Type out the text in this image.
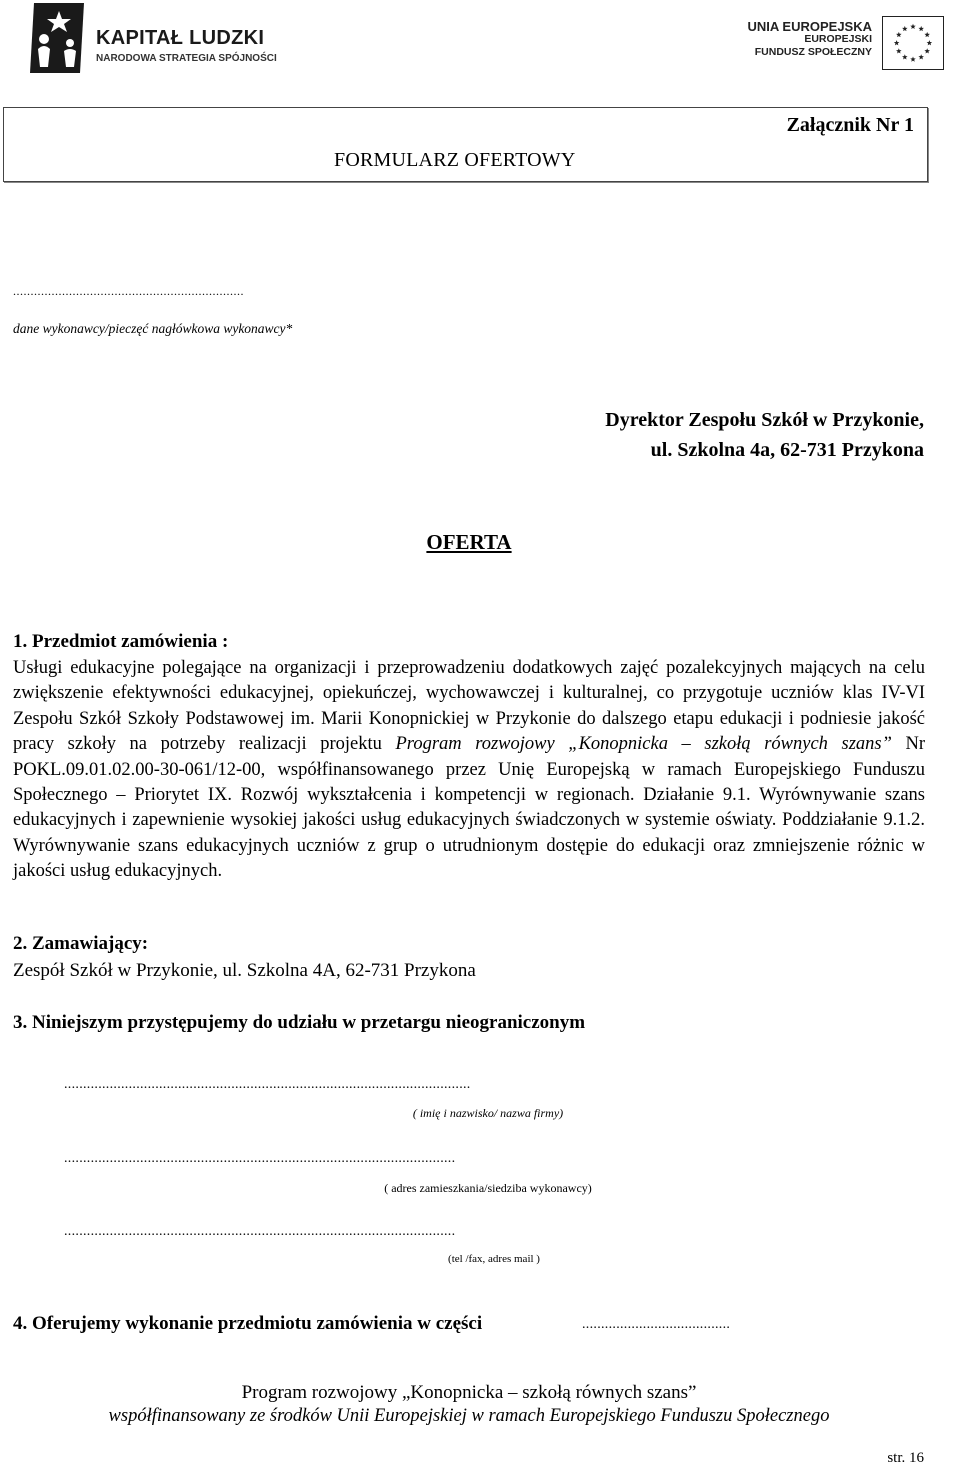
KAPITAŁ LUDZKI
NARODOWA STRATEGIA SPÓJNOŚCI
UNIA EUROPEJSKA
EUROPEJSKI
FUNDUSZ SPOŁECZNY
Załącznik Nr 1
FORMULARZ OFERTOWY
..................................................................
dane wykonawcy/pieczęć nagłówkowa wykonawcy*
Dyrektor Zespołu Szkół w Przykonie,
ul. Szkolna 4a, 62-731 Przykona
OFERTA
1. Przedmiot zamówienia :
Usługi edukacyjne polegające na organizacji i przeprowadzeniu dodatkowych zajęć pozalekcyjnych mających na celu zwiększenie efektywności edukacyjnej, opiekuńczej, wychowawczej i kulturalnej, co przygotuje uczniów klas IV-VI Zespołu Szkół Szkoły Podstawowej im. Marii Konopnickiej w Przykonie do dalszego etapu edukacji i podniesie jakość pracy szkoły na potrzeby realizacji projektu Program rozwojowy „Konopnicka – szkołą równych szans” Nr POKL.09.01.02.00-30-061/12-00, współfinansowanego przez Unię Europejską w ramach Europejskiego Funduszu Społecznego – Priorytet IX. Rozwój wykształcenia i kompetencji w regionach. Działanie 9.1. Wyrównywanie szans edukacyjnych i zapewnienie wysokiej jakości usług edukacyjnych świadczonych w systemie oświaty. Poddziałanie 9.1.2. Wyrównywanie szans edukacyjnych uczniów z grup o utrudnionym dostępie do edukacji oraz zmniejszenie różnic w jakości usług edukacyjnych.
2. Zamawiający:
Zespół Szkół w Przykonie, ul. Szkolna 4A, 62-731 Przykona
3. Niniejszym przystępujemy do udziału w przetargu nieograniczonym
...........................................................................................................
( imię i nazwisko/ nazwa firmy)
.......................................................................................................
( adres zamieszkania/siedziba wykonawcy)
.......................................................................................................
(tel /fax, adres mail )
4. Oferujemy wykonanie przedmiotu zamówienia w części	.......................................
Program rozwojowy „Konopnicka – szkołą równych szans”
współfinansowany ze środków Unii Europejskiej w ramach Europejskiego Funduszu Społecznego
str. 16
